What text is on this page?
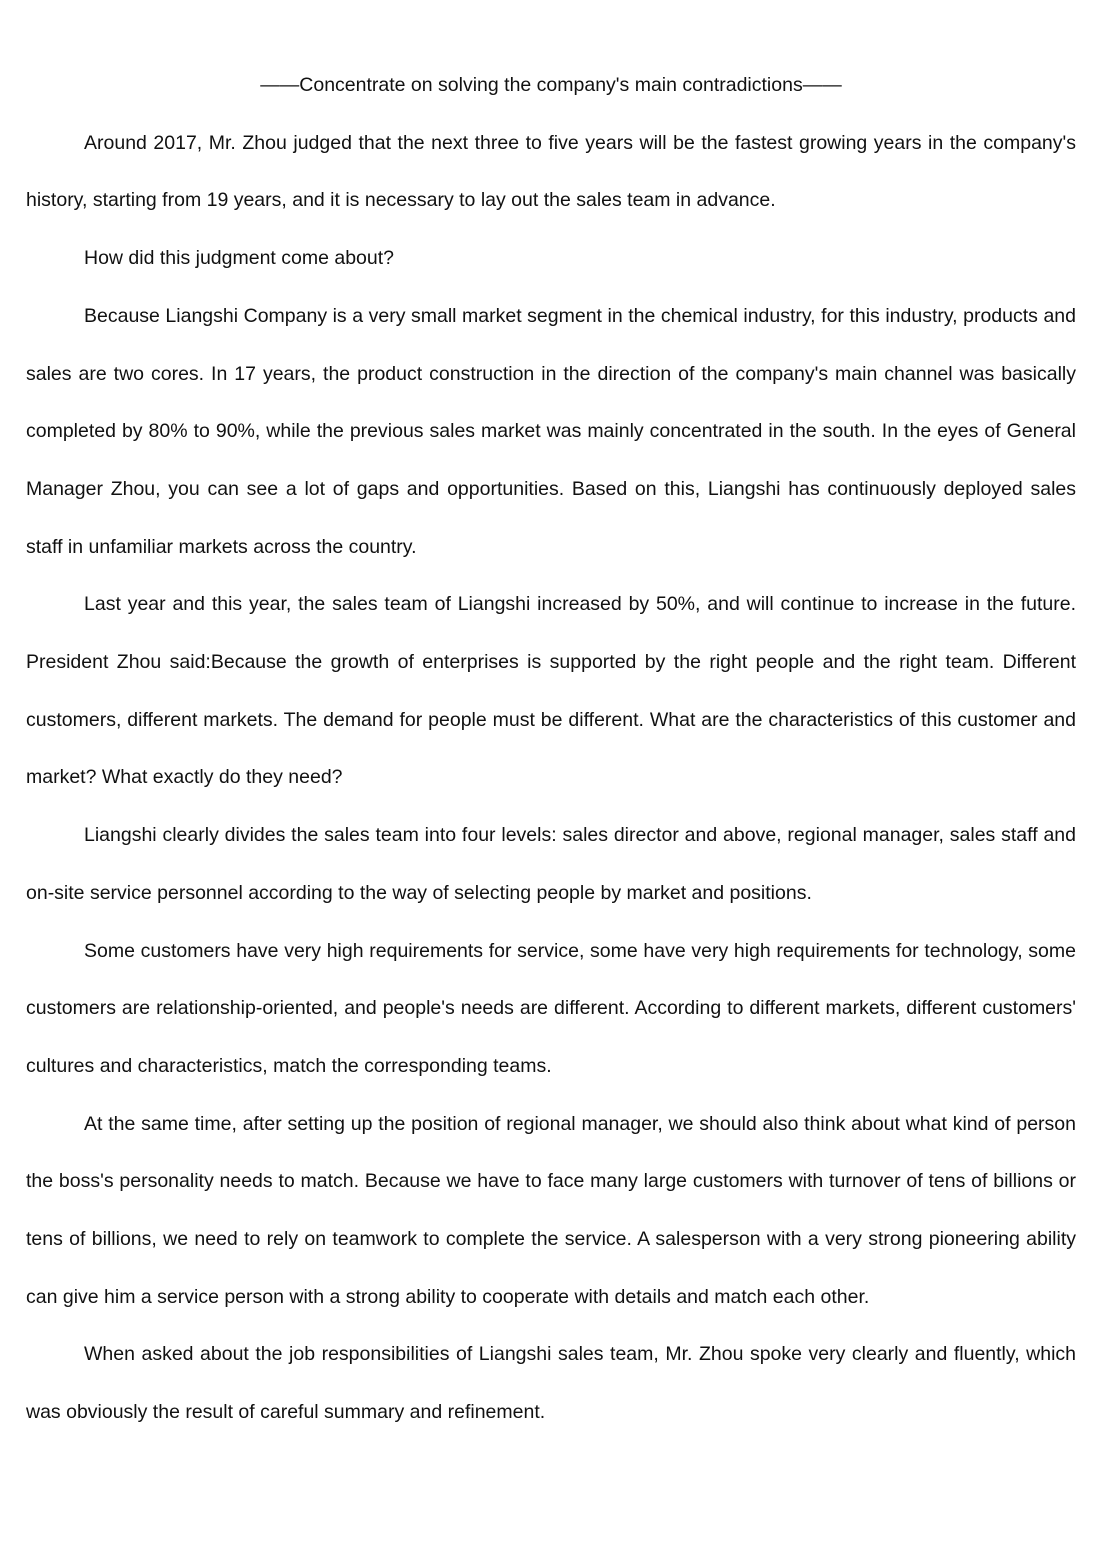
——Concentrate on solving the company's main contradictions——

Around 2017, Mr. Zhou judged that the next three to five years will be the fastest growing years in the company's history, starting from 19 years, and it is necessary to lay out the sales team in advance.

How did this judgment come about?

Because Liangshi Company is a very small market segment in the chemical industry, for this industry, products and sales are two cores. In 17 years, the product construction in the direction of the company's main channel was basically completed by 80% to 90%, while the previous sales market was mainly concentrated in the south. In the eyes of General Manager Zhou, you can see a lot of gaps and opportunities. Based on this, Liangshi has continuously deployed sales staff in unfamiliar markets across the country.

Last year and this year, the sales team of Liangshi increased by 50%, and will continue to increase in the future. President Zhou said:Because the growth of enterprises is supported by the right people and the right team. Different customers, different markets. The demand for people must be different. What are the characteristics of this customer and market? What exactly do they need?

Liangshi clearly divides the sales team into four levels: sales director and above, regional manager, sales staff and on-site service personnel according to the way of selecting people by market and positions.

Some customers have very high requirements for service, some have very high requirements for technology, some customers are relationship-oriented, and people's needs are different. According to different markets, different customers' cultures and characteristics, match the corresponding teams.

At the same time, after setting up the position of regional manager, we should also think about what kind of person the boss's personality needs to match. Because we have to face many large customers with turnover of tens of billions or tens of billions, we need to rely on teamwork to complete the service. A salesperson with a very strong pioneering ability can give him a service person with a strong ability to cooperate with details and match each other.

When asked about the job responsibilities of Liangshi sales team, Mr. Zhou spoke very clearly and fluently, which was obviously the result of careful summary and refinement.
